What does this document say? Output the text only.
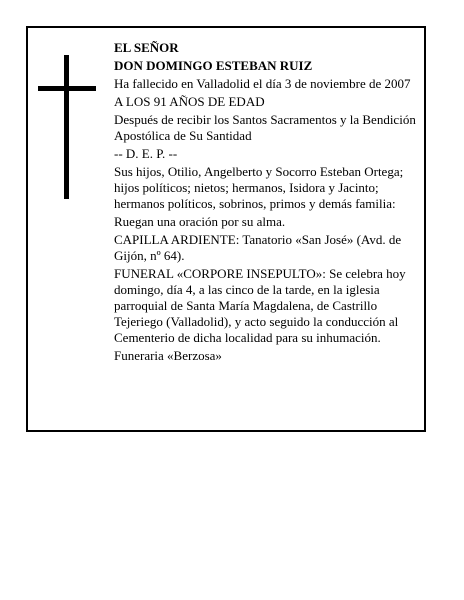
EL SEÑOR

DON DOMINGO ESTEBAN RUIZ

Ha fallecido en Valladolid el día 3 de noviembre de 2007

A LOS 91 AÑOS DE EDAD

Después de recibir los Santos Sacramentos y la Bendición Apostólica de Su Santidad

-- D. E. P. --

Sus hijos, Otilio, Angelberto y Socorro Esteban Ortega; hijos políticos; nietos; hermanos, Isidora y Jacinto; hermanos políticos, sobrinos, primos y demás familia:

Ruegan una oración por su alma.

CAPILLA ARDIENTE: Tanatorio «San José» (Avd. de Gijón, nº 64).

FUNERAL «CORPORE INSEPULTO»: Se celebra hoy domingo, día 4, a las cinco de la tarde, en la iglesia parroquial de Santa María Magdalena, de Castrillo Tejeriego (Valladolid), y acto seguido la conducción al Cementerio de dicha localidad para su inhumación.

Funeraria «Berzosa»
